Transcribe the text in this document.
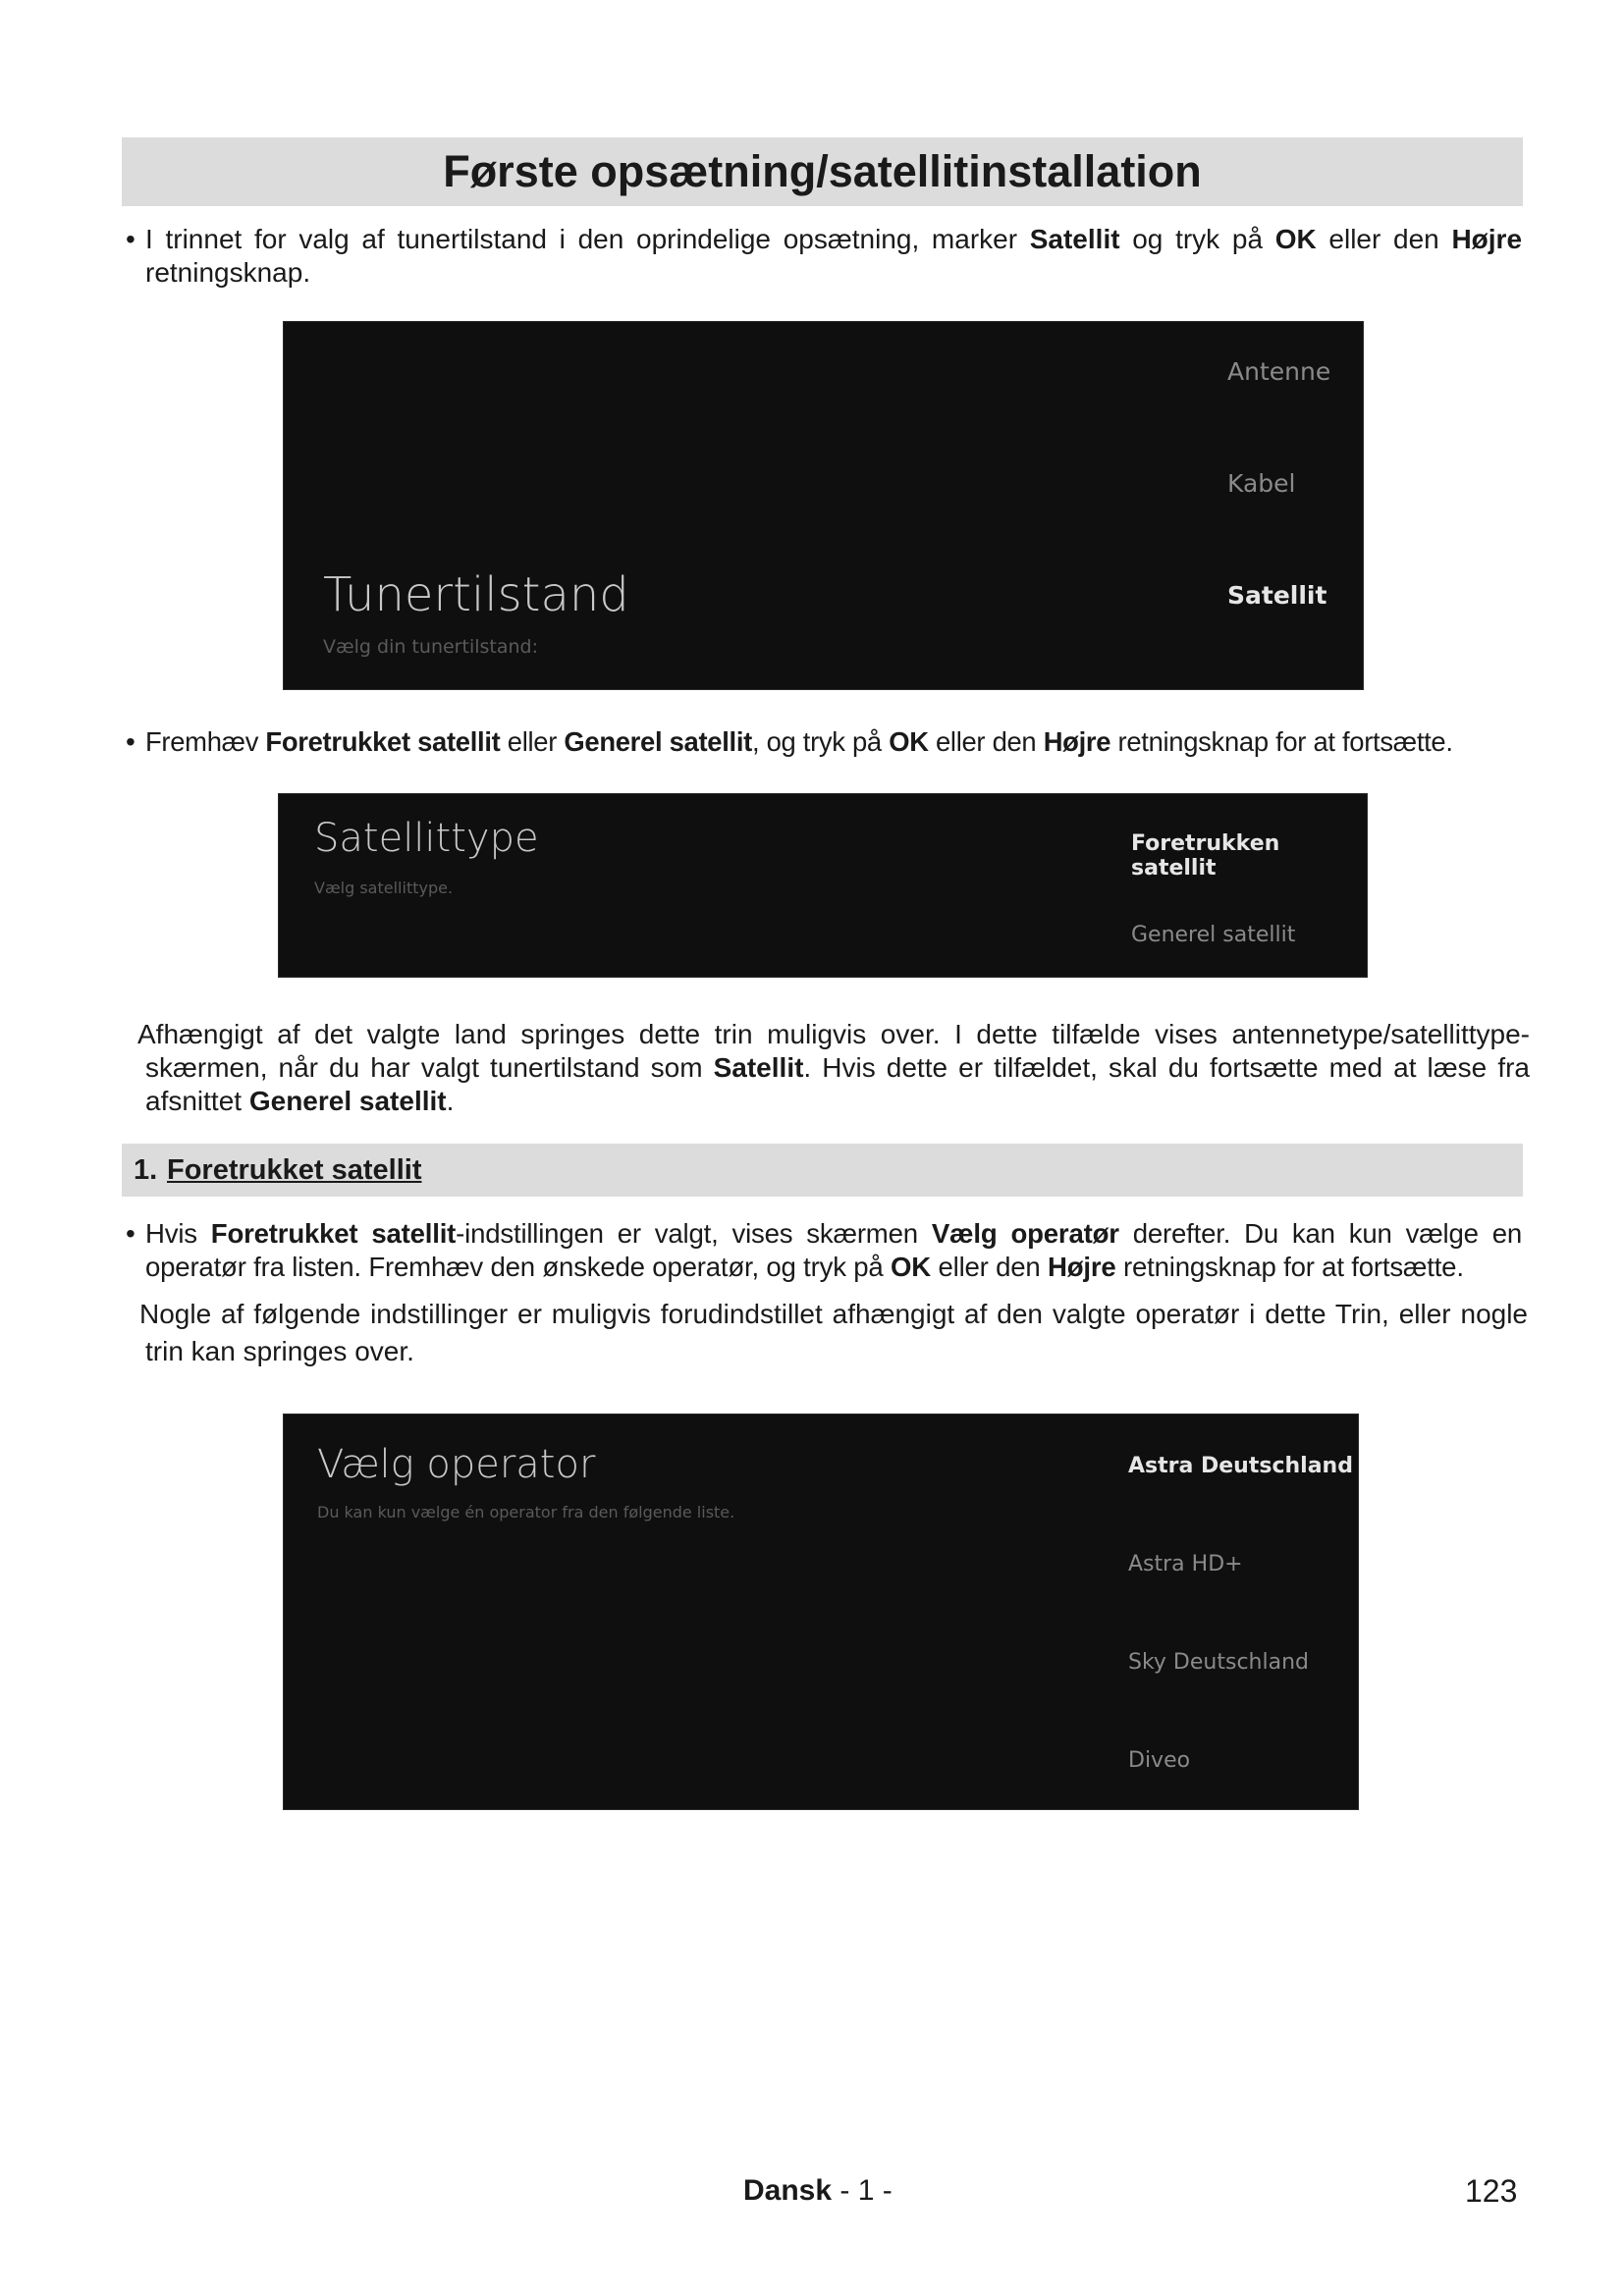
Første opsætning/satellitinstallation
• I trinnet for valg af tunertilstand i den oprindelige opsætning, marker Satellit og tryk på OK eller den Højre retningsknap.

Antenne
Kabel
Satellit
Tunertilstand
Vælg din tunertilstand:
• Fremhæv Foretrukket satellit eller Generel satellit, og tryk på OK eller den Højre retningsknap for at fortsætte.

Satellittype
Vælg satellittype.
Foretrukken satellit
Generel satellit

Afhængigt af det valgte land springes dette trin muligvis over. I dette tilfælde vises antennetype/satellittype-skærmen, når du har valgt tunertilstand som Satellit. Hvis dette er tilfældet, skal du fortsætte med at læse fra afsnittet Generel satellit.

1. Foretrukket satellit
• Hvis Foretrukket satellit-indstillingen er valgt, vises skærmen Vælg operatør derefter. Du kan kun vælge en operatør fra listen. Fremhæv den ønskede operatør, og tryk på OK eller den Højre retningsknap for at fortsætte.

Nogle af følgende indstillinger er muligvis forudindstillet afhængigt af den valgte operatør i dette Trin, eller nogle trin kan springes over.

Vælg operator
Du kan kun vælge én operator fra den følgende liste.
Astra Deutschland
Astra HD+
Sky Deutschland
Diveo
Dansk - 1 -	123
